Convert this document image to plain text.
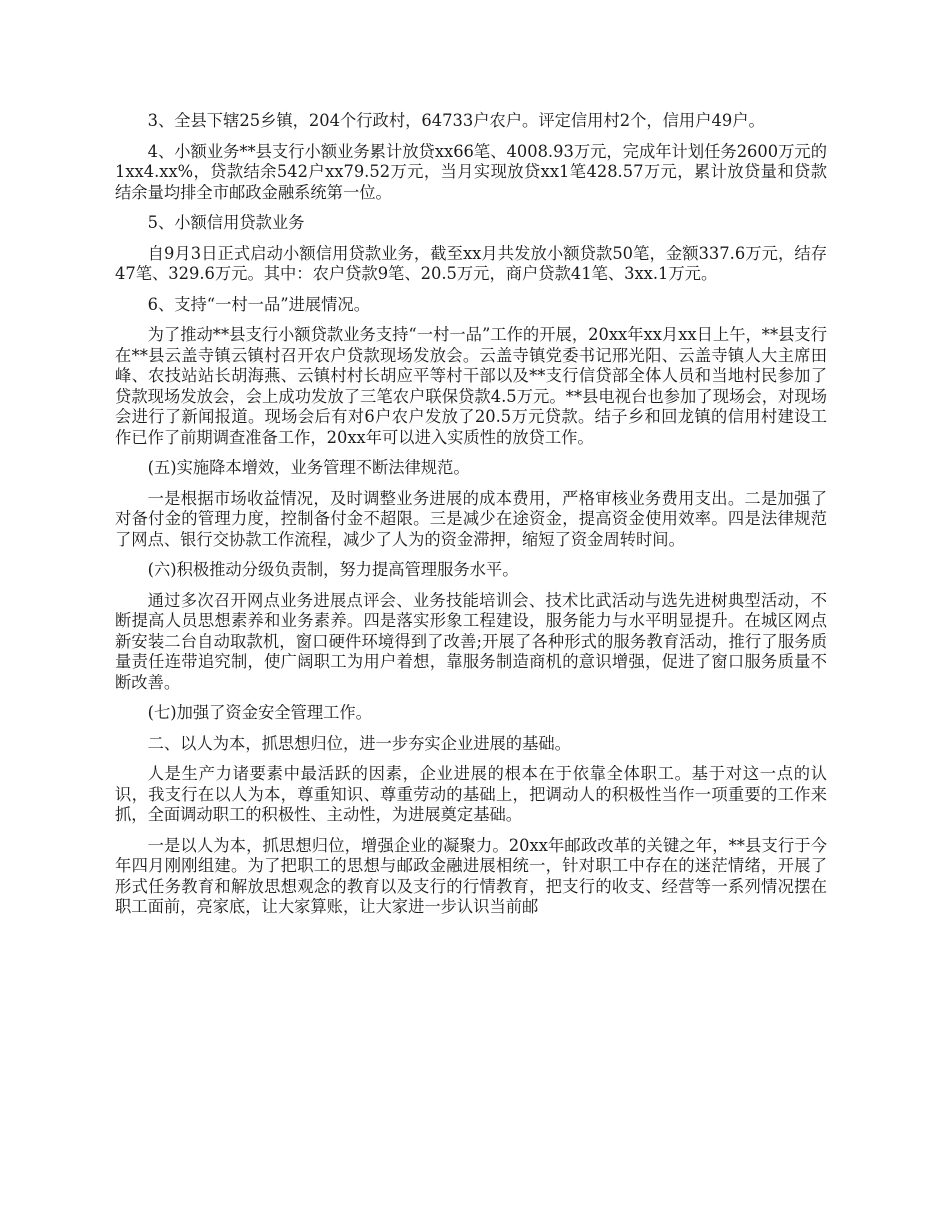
3、全县下辖25乡镇，204个行政村，64733户农户。评定信用村2个，信用户49户。

4、小额业务**县支行小额业务累计放贷xx66笔、4008.93万元，完成年计划任务2600万元的1xx4.xx%，贷款结余542户xx79.52万元，当月实现放贷xx1笔428.57万元，累计放贷量和贷款结余量均排全市邮政金融系统第一位。

5、小额信用贷款业务

自9月3日正式启动小额信用贷款业务，截至xx月共发放小额贷款50笔，金额337.6万元，结存47笔、329.6万元。其中：农户贷款9笔、20.5万元，商户贷款41笔、3xx.1万元。

6、支持“一村一品”进展情况。

为了推动**县支行小额贷款业务支持“一村一品”工作的开展，20xx年xx月xx日上午，**县支行在**县云盖寺镇云镇村召开农户贷款现场发放会。云盖寺镇党委书记邢光阳、云盖寺镇人大主席田峰、农技站站长胡海燕、云镇村村长胡应平等村干部以及**支行信贷部全体人员和当地村民参加了贷款现场发放会，会上成功发放了三笔农户联保贷款4.5万元。**县电视台也参加了现场会，对现场会进行了新闻报道。现场会后有对6户农户发放了20.5万元贷款。结子乡和回龙镇的信用村建设工作已作了前期调查准备工作，20xx年可以进入实质性的放贷工作。

(五)实施降本增效，业务管理不断法律规范。

一是根据市场收益情况，及时调整业务进展的成本费用，严格审核业务费用支出。二是加强了对备付金的管理力度，控制备付金不超限。三是减少在途资金，提高资金使用效率。四是法律规范了网点、银行交协款工作流程，减少了人为的资金滞押，缩短了资金周转时间。

(六)积极推动分级负责制，努力提高管理服务水平。

通过多次召开网点业务进展点评会、业务技能培训会、技术比武活动与选先进树典型活动，不断提高人员思想素养和业务素养。四是落实形象工程建设，服务能力与水平明显提升。在城区网点新安装二台自动取款机，窗口硬件环境得到了改善;开展了各种形式的服务教育活动，推行了服务质量责任连带追究制，使广阔职工为用户着想，靠服务制造商机的意识增强，促进了窗口服务质量不断改善。

(七)加强了资金安全管理工作。

二、以人为本，抓思想归位，进一步夯实企业进展的基础。

人是生产力诸要素中最活跃的因素，企业进展的根本在于依靠全体职工。基于对这一点的认识，我支行在以人为本，尊重知识、尊重劳动的基础上，把调动人的积极性当作一项重要的工作来抓，全面调动职工的积极性、主动性，为进展奠定基础。

一是以人为本，抓思想归位，增强企业的凝聚力。20xx年邮政改革的关键之年，**县支行于今年四月刚刚组建。为了把职工的思想与邮政金融进展相统一，针对职工中存在的迷茫情绪，开展了形式任务教育和解放思想观念的教育以及支行的行情教育，把支行的收支、经营等一系列情况摆在职工面前，亮家底，让大家算账，让大家进一步认识当前邮
